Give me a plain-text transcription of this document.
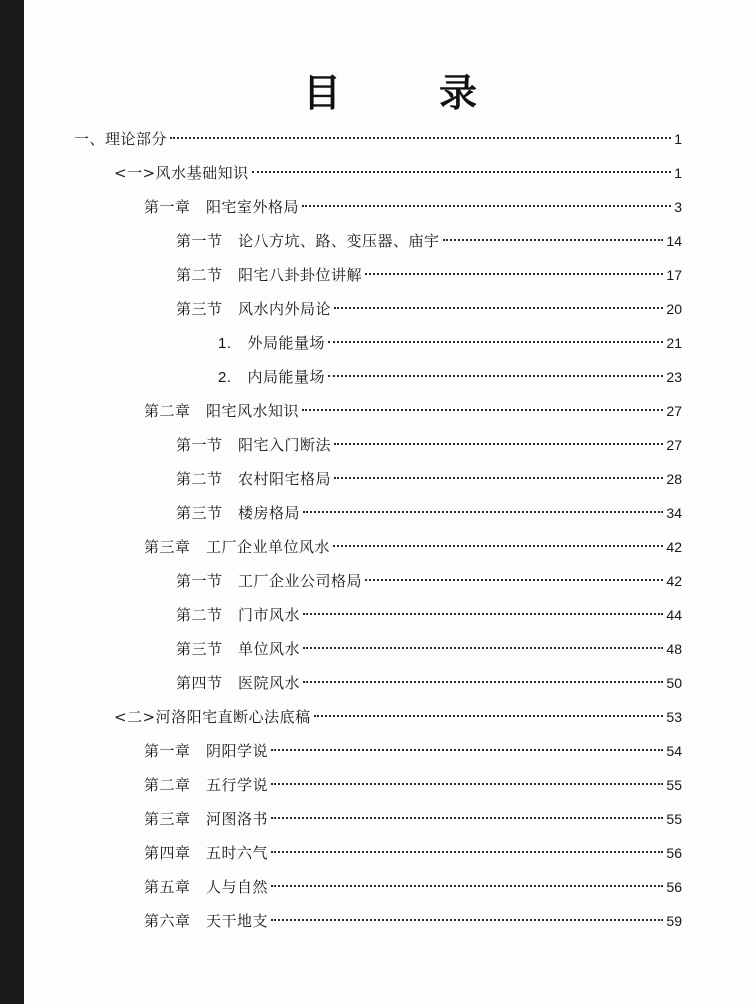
目　录
一、理论部分	1
<一>风水基础知识	1
第一章　阳宅室外格局	3
第一节　论八方坑、路、变压器、庙宇	14
第二节　阳宅八卦卦位讲解	17
第三节　风水内外局论	20
1. 外局能量场	21
2. 内局能量场	23
第二章　阳宅风水知识	27
第一节　阳宅入门断法	27
第二节　农村阳宅格局	28
第三节　楼房格局	34
第三章　工厂企业单位风水	42
第一节　工厂企业公司格局	42
第二节　门市风水	44
第三节　单位风水	48
第四节　医院风水	50
<二>河洛阳宅直断心法底稿	53
第一章　阴阳学说	54
第二章　五行学说	55
第三章　河图洛书	55
第四章　五时六气	56
第五章　人与自然	56
第六章　天干地支	59
